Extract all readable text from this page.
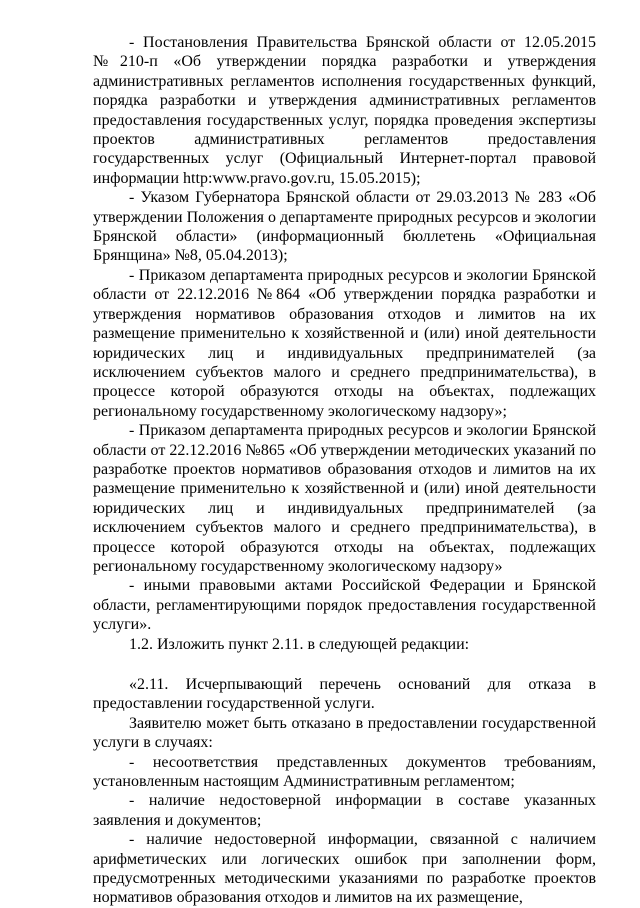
- Постановления Правительства Брянской области от 12.05.2015 №210-п «Об утверждении порядка разработки и утверждения административных регламентов исполнения государственных функций, порядка разработки и утверждения административных регламентов предоставления государственных услуг, порядка проведения экспертизы проектов административных регламентов предоставления государственных услуг (Официальный Интернет-портал правовой информации http:www.pravo.gov.ru, 15.05.2015);

- Указом Губернатора Брянской области от 29.03.2013 № 283 «Об утверждении Положения о департаменте природных ресурсов и экологии Брянской области» (информационный бюллетень «Официальная Брянщина» №8, 05.04.2013);

- Приказом департамента природных ресурсов и экологии Брянской области от 22.12.2016 №864 «Об утверждении порядка разработки и утверждения нормативов образования отходов и лимитов на их размещение применительно к хозяйственной и (или) иной деятельности юридических лиц и индивидуальных предпринимателей (за исключением субъектов малого и среднего предпринимательства), в процессе которой образуются отходы на объектах, подлежащих региональному государственному экологическому надзору»;

- Приказом департамента природных ресурсов и экологии Брянской области от 22.12.2016 №865 «Об утверждении методических указаний по разработке проектов нормативов образования отходов и лимитов на их размещение применительно к хозяйственной и (или) иной деятельности юридических лиц и индивидуальных предпринимателей (за исключением субъектов малого и среднего предпринимательства), в процессе которой образуются отходы на объектах, подлежащих региональному государственному экологическому надзору»

- иными правовыми актами Российской Федерации и Брянской области, регламентирующими порядок предоставления государственной услуги».

1.2. Изложить пункт 2.11. в следующей редакции:

«2.11. Исчерпывающий перечень оснований для отказа в предоставлении государственной услуги.

Заявителю может быть отказано в предоставлении государственной услуги в случаях:

- несоответствия представленных документов требованиям, установленным настоящим Административным регламентом;

- наличие недостоверной информации в составе указанных заявления и документов;

- наличие недостоверной информации, связанной с наличием арифметических или логических ошибок при заполнении форм, предусмотренных методическими указаниями по разработке проектов нормативов образования отходов и лимитов на их размещение,
